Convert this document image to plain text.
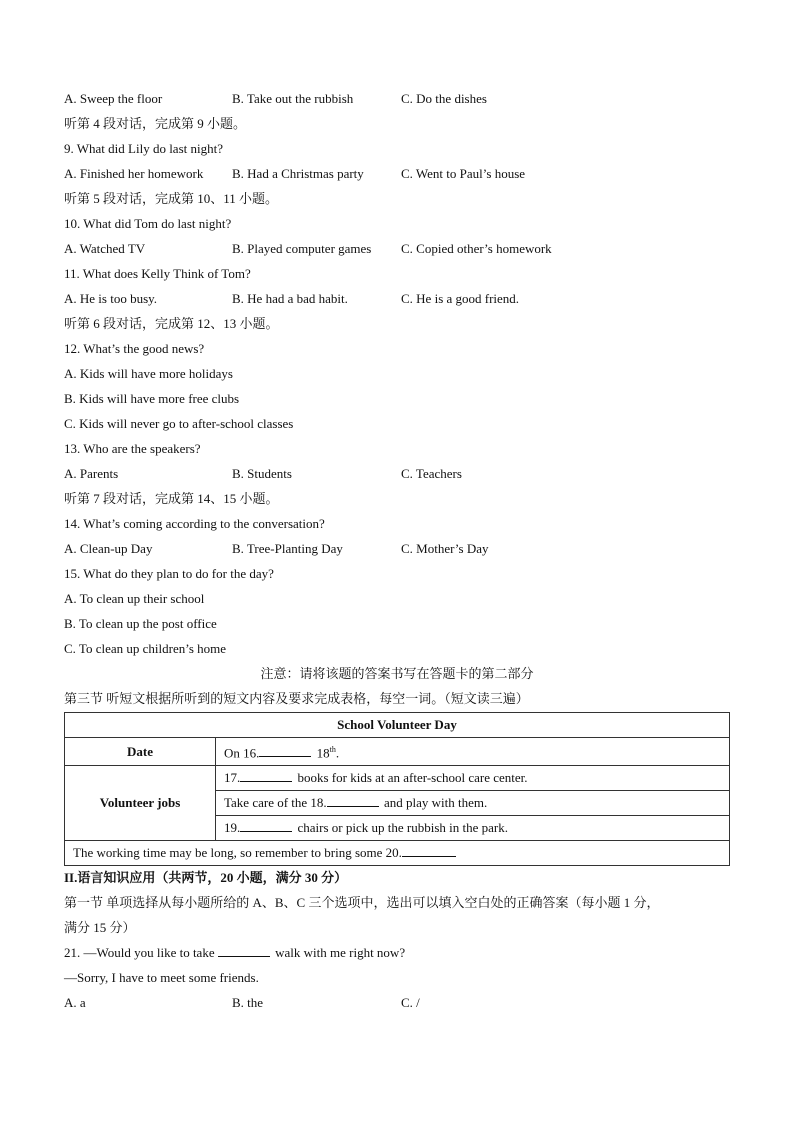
A. Sweep the floor	B. Take out the rubbish	C. Do the dishes
听第 4 段对话，完成第 9 小题。
9. What did Lily do last night?
A. Finished her homework B. Had a Christmas party	C. Went to Paul’s house
听第 5 段对话，完成第 10、11 小题。
10. What did Tom do last night?
A. Watched TV	B. Played computer games C. Copied other’s homework
11. What does Kelly Think of Tom?
A. He is too busy.	B. He had a bad habit.	C. He is a good friend.
听第 6 段对话，完成第 12、13 小题。
12. What’s the good news?
A. Kids will have more holidays
B. Kids will have more free clubs
C. Kids will never go to after-school classes
13. Who are the speakers?
A. Parents	B. Students	C. Teachers
听第 7 段对话，完成第 14、15 小题。
14. What’s coming according to the conversation?
A. Clean-up Day	B. Tree-Planting Day	C. Mother’s Day
15. What do they plan to do for the day?
A. To clean up their school
B. To clean up the post office
C. To clean up children’s home
注意：请将该题的答案书写在答题卡的第二部分
第三节 听短文根据所听到的短文内容及要求完成表格，每空一词。（短文读三遍）
School Volunteer Day	
Date	On 16. 18th.
Volunteer jobs	17. books for kids at an after-school care center.
	Take care of the 18. and play with them.
	19. chairs or pick up the rubbish in the park.
The working time may be long, so remember to bring some 20.	
II.语言知识应用（共两节，20 小题，满分 30 分）
第一节 单项选择从每小题所给的 A、B、C 三个选项中，选出可以填入空白处的正确答案（每小题 1 分，
满分 15 分）
21. —Would you like to take	walk with me right now?
—Sorry, I have to meet some friends.
A. a	B. the	C. /
